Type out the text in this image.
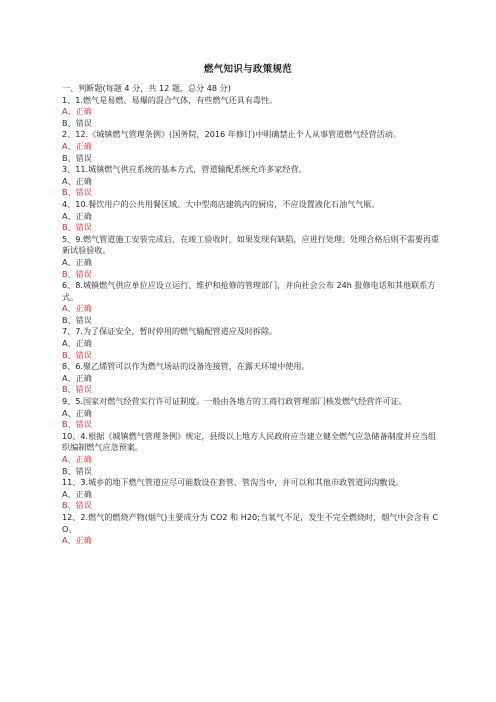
燃气知识与政策规范
一、判断题(每题 4 分，共 12 题，总分 48 分)
1、1.燃气是易燃、易爆的混合气体，有些燃气还具有毒性。
A、正确
B、错误
2、12.《城镇燃气管理条例》(国务院，2016 年修订)中明确禁止个人从事管道燃气经营活动。
A、正确
B、错误
3、11.城镇燃气供应系统的基本方式，管道输配系统允许多家经营。
A、正确
B、错误
4、10.餐饮用户的公共用餐区域、大中型商店建筑内的厨房，不应设置液化石油气气瓶。
A、正确
B、错误
5、9.燃气管道施工安装完成后，在竣工验收时，如果发现有缺陷，应进行处理；处理合格后则不需要再重新试验验收。
A、正确
B、错误
6、8.城镇燃气供应单位应设立运行、维护和抢修的管理部门，并向社会公布 24h 报修电话和其他联系方式。
A、正确
B、错误
7、7.为了保证安全，暂时停用的燃气输配管道应及时拆除。
A、正确
B、错误
8、6.聚乙烯管可以作为燃气场站的设备连接管，在露天环境中使用。
A、正确
B、错误
9、5.国家对燃气经营实行许可证制度。一般由各地方的工商行政管理部门核发燃气经营许可证。
A、正确
B、错误
10、4.根据《城镇燃气管理条例》规定，县级以上地方人民政府应当建立健全燃气应急储备制度并应当组织编制燃气应急预案。
A、正确
B、错误
11、3.城乡的地下燃气管道应尽可能数设在套管、管沟当中，并可以和其他市政管道同沟敷设。
A、正确
B、错误
12、2.燃气的燃烧产物(烟气)主要成分为 CO2 和 H20;当氧气不足，发生不完全燃烧时，烟气中会含有 CO。
A、正确
